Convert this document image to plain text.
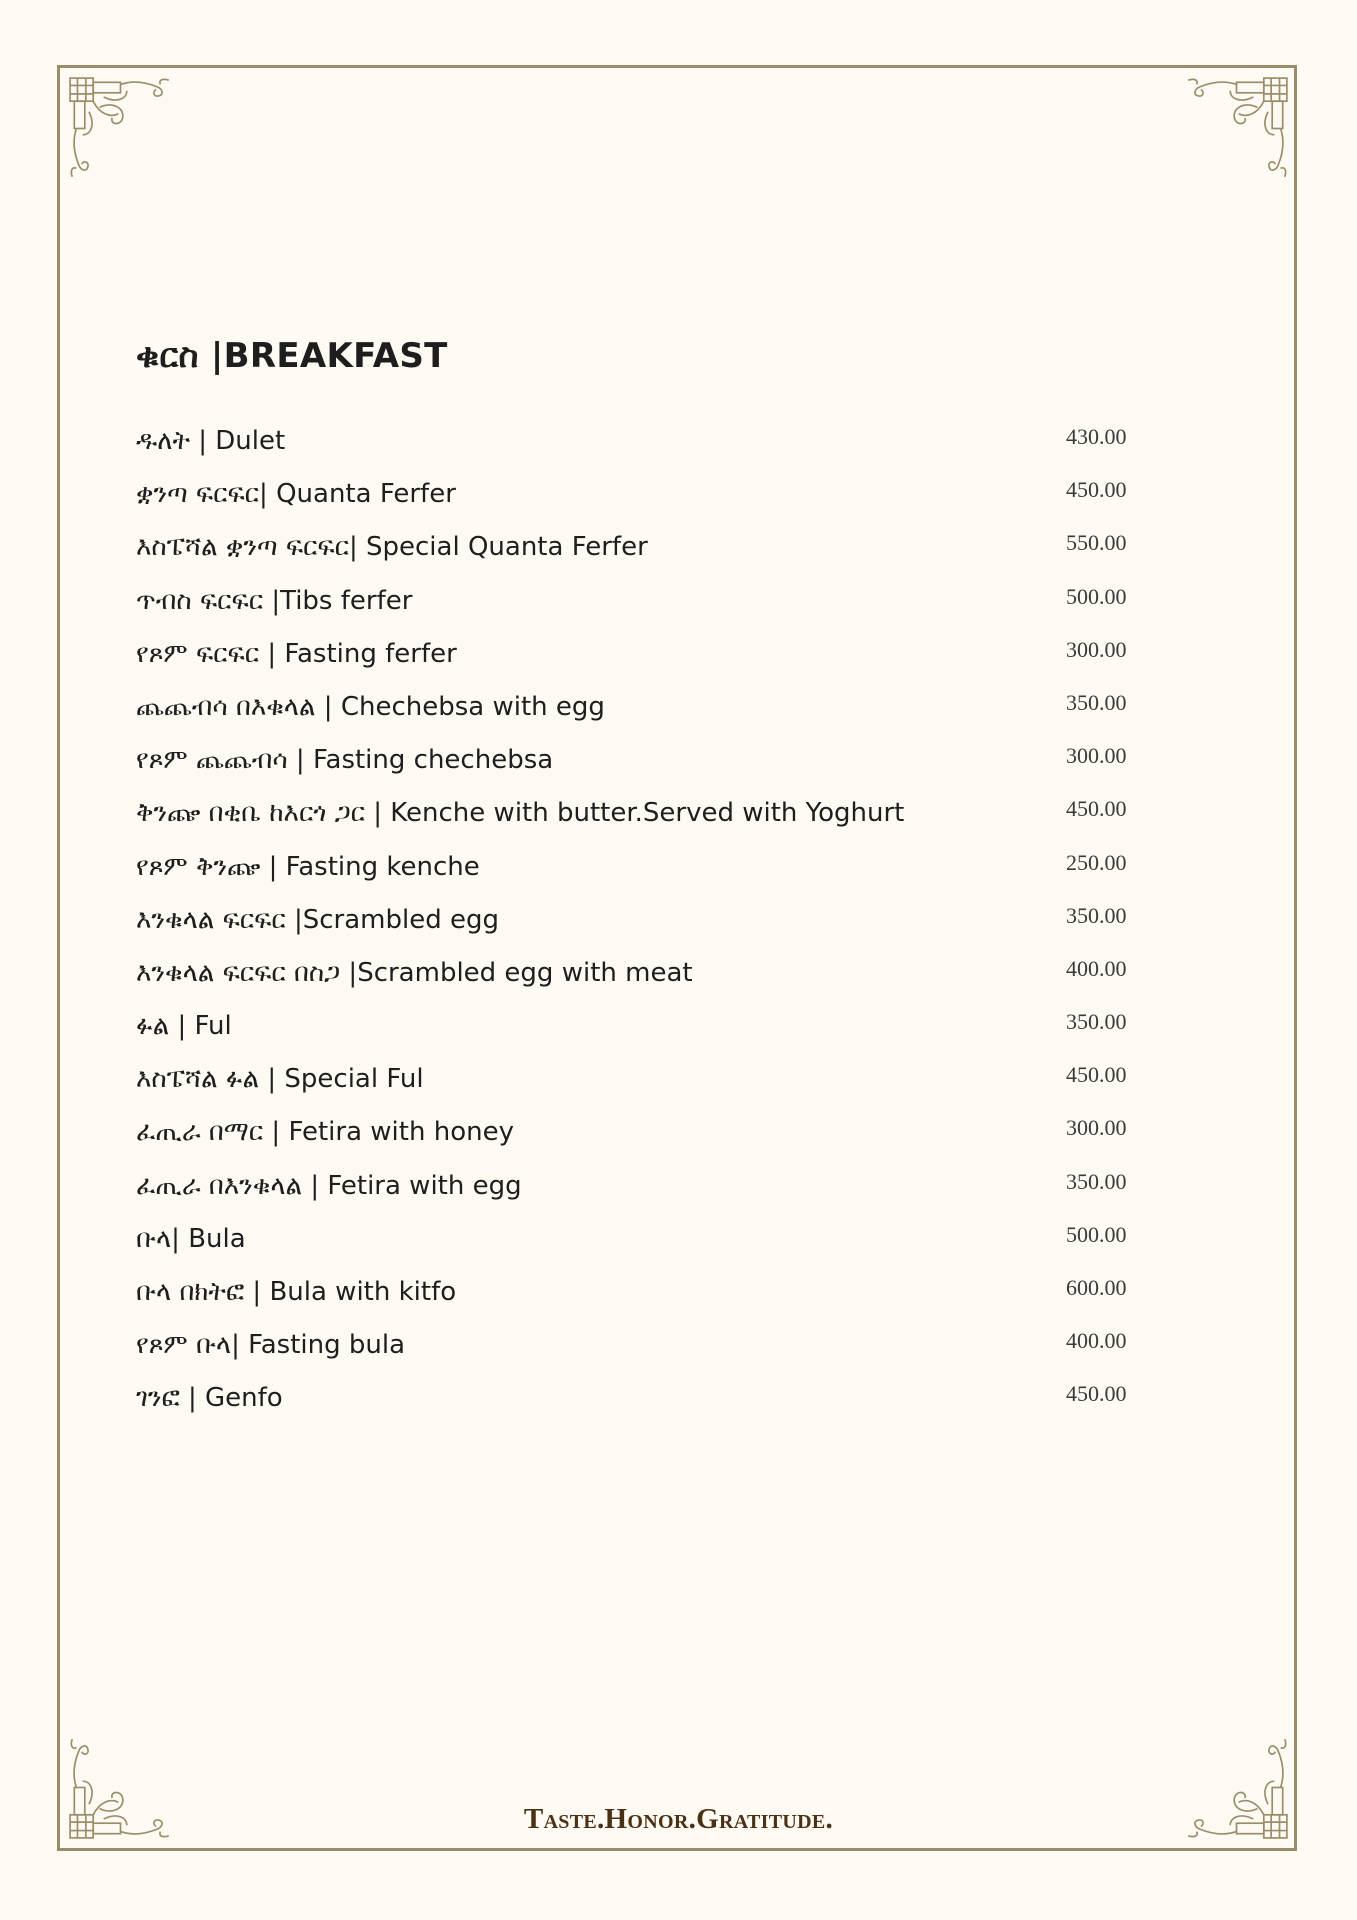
ቁርስ |BREAKFAST
ዱለት | Dulet	430.00
ቋንጣ ፍርፍር| Quanta Ferfer	450.00
እስፔሻል ቋንጣ ፍርፍር| Special Quanta Ferfer	550.00
ጥብስ ፍርፍር |Tibs ferfer	500.00
የጾም ፍርፍር | Fasting ferfer	300.00
ጨጨብሳ በእቁላል | Chechebsa with egg	350.00
የጾም ጨጨብሳ | Fasting chechebsa	300.00
ቅንጬ በቂቤ ከእርጎ ጋር | Kenche with butter.Served with Yoghurt	450.00
የጾም ቅንጬ | Fasting kenche	250.00
እንቁላል ፍርፍር |Scrambled egg	350.00
እንቁላል ፍርፍር በስጋ |Scrambled egg with meat	400.00
ፉል | Ful	350.00
እስፔሻል ፉል | Special Ful	450.00
ፈጢራ በማር | Fetira with honey	300.00
ፈጢራ በእንቁላል | Fetira with egg	350.00
ቡላ| Bula	500.00
ቡላ በክትፎ | Bula with kitfo	600.00
የጾም ቡላ| Fasting bula	400.00
ገንፎ | Genfo	450.00
Taste.Honor.Gratitude.
